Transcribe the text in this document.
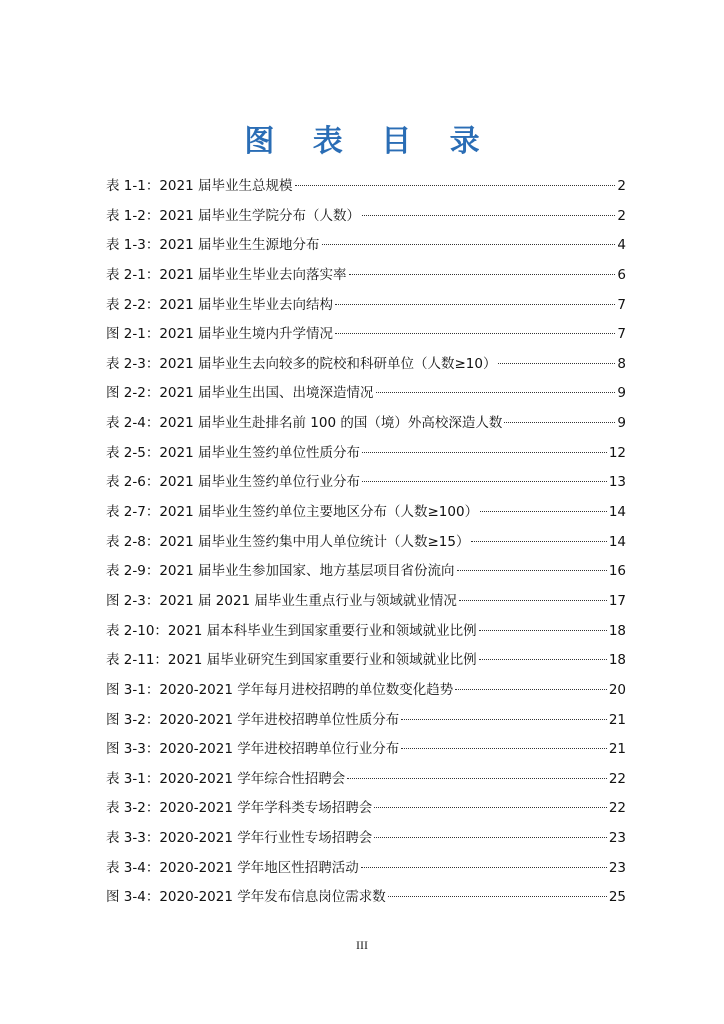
图 表 目 录
表 1-1：2021 届毕业生总规模	2
表 1-2：2021 届毕业生学院分布（人数）	2
表 1-3：2021 届毕业生生源地分布	4
表 2-1：2021 届毕业生毕业去向落实率	6
表 2-2：2021 届毕业生毕业去向结构	7
图 2-1：2021 届毕业生境内升学情况	7
表 2-3：2021 届毕业生去向较多的院校和科研单位（人数≥10）	8
图 2-2：2021 届毕业生出国、出境深造情况	9
表 2-4：2021 届毕业生赴排名前 100 的国（境）外高校深造人数	9
表 2-5：2021 届毕业生签约单位性质分布	12
表 2-6：2021 届毕业生签约单位行业分布	13
表 2-7：2021 届毕业生签约单位主要地区分布（人数≥100）	14
表 2-8：2021 届毕业生签约集中用人单位统计（人数≥15）	14
表 2-9：2021 届毕业生参加国家、地方基层项目省份流向	16
图 2-3：2021 届 2021 届毕业生重点行业与领域就业情况	17
表 2-10：2021 届本科毕业生到国家重要行业和领域就业比例	18
表 2-11：2021 届毕业研究生到国家重要行业和领域就业比例	18
图 3-1：2020-2021 学年每月进校招聘的单位数变化趋势	20
图 3-2：2020-2021 学年进校招聘单位性质分布	21
图 3-3：2020-2021 学年进校招聘单位行业分布	21
表 3-1：2020-2021 学年综合性招聘会	22
表 3-2：2020-2021 学年学科类专场招聘会	22
表 3-3：2020-2021 学年行业性专场招聘会	23
表 3-4：2020-2021 学年地区性招聘活动	23
图 3-4：2020-2021 学年发布信息岗位需求数	25
III
